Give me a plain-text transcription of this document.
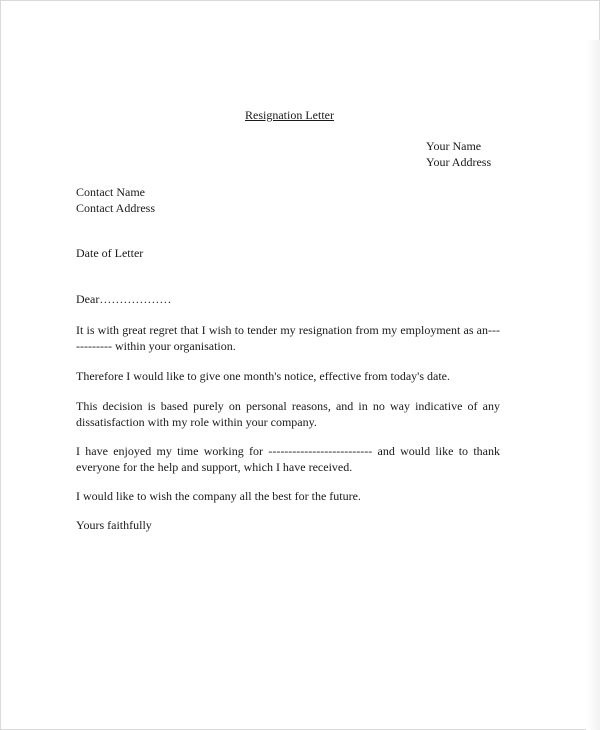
Resignation Letter
Your Name
Your Address
Contact Name
Contact Address
Date of Letter
Dear………………
It is with great regret that I wish to tender my resignation from my employment as an------------ within your organisation.
Therefore I would like to give one month's notice, effective from today's date.
This decision is based purely on personal reasons, and in no way indicative of any dissatisfaction with my role within your company.
I have enjoyed my time working for -------------------------- and would like to thank everyone for the help and support, which I have received.
I would like to wish the company all the best for the future.
Yours faithfully
